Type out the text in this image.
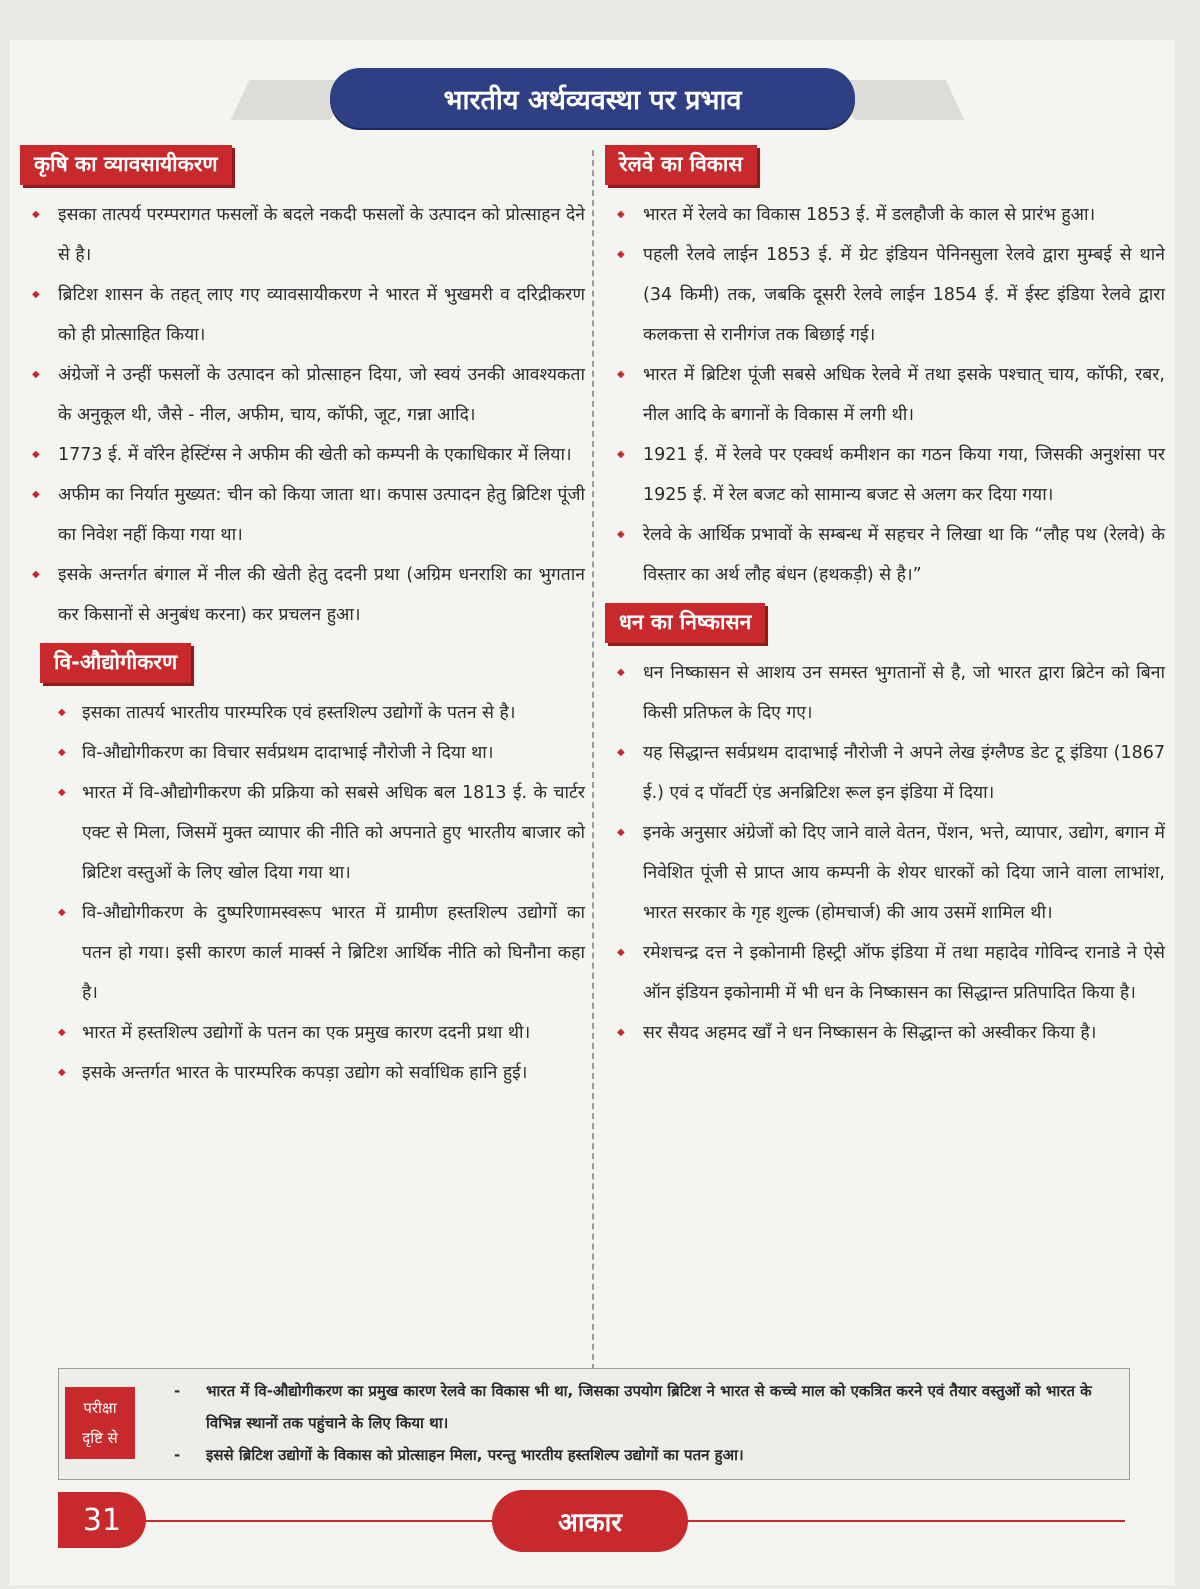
भारतीय अर्थव्यवस्था पर प्रभाव
कृषि का व्यावसायीकरण
◆ इसका तात्पर्य परम्परागत फसलों के बदले नकदी फसलों के उत्पादन को प्रोत्साहन देने से है।
◆ ब्रिटिश शासन के तहत् लाए गए व्यावसायीकरण ने भारत में भुखमरी व दरिद्रीकरण को ही प्रोत्साहित किया।
◆ अंग्रेजों ने उन्हीं फसलों के उत्पादन को प्रोत्साहन दिया, जो स्वयं उनकी आवश्यकता के अनुकूल थी, जैसे - नील, अफीम, चाय, कॉफी, जूट, गन्ना आदि।
◆ 1773 ई. में वॉरेन हेस्टिंग्स ने अफीम की खेती को कम्पनी के एकाधिकार में लिया।
◆ अफीम का निर्यात मुख्यत: चीन को किया जाता था। कपास उत्पादन हेतु ब्रिटिश पूंजी का निवेश नहीं किया गया था।
◆ इसके अन्तर्गत बंगाल में नील की खेती हेतु ददनी प्रथा (अग्रिम धनराशि का भुगतान कर किसानों से अनुबंध करना) कर प्रचलन हुआ।
वि-औद्योगीकरण
◆ इसका तात्पर्य भारतीय पारम्परिक एवं हस्तशिल्प उद्योगों के पतन से है।
◆ वि-औद्योगीकरण का विचार सर्वप्रथम दादाभाई नौरोजी ने दिया था।
◆ भारत में वि-औद्योगीकरण की प्रक्रिया को सबसे अधिक बल 1813 ई. के चार्टर एक्ट से मिला, जिसमें मुक्त व्यापार की नीति को अपनाते हुए भारतीय बाजार को ब्रिटिश वस्तुओं के लिए खोल दिया गया था।
◆ वि-औद्योगीकरण के दुष्परिणामस्वरूप भारत में ग्रामीण हस्तशिल्प उद्योगों का पतन हो गया। इसी कारण कार्ल मार्क्स ने ब्रिटिश आर्थिक नीति को घिनौना कहा है।
◆ भारत में हस्तशिल्प उद्योगों के पतन का एक प्रमुख कारण ददनी प्रथा थी।
◆ इसके अन्तर्गत भारत के पारम्परिक कपड़ा उद्योग को सर्वाधिक हानि हुई।
रेलवे का विकास
◆ भारत में रेलवे का विकास 1853 ई. में डलहौजी के काल से प्रारंभ हुआ।
◆ पहली रेलवे लाईन 1853 ई. में ग्रेट इंडियन पेनिनसुला रेलवे द्वारा मुम्बई से थाने (34 किमी) तक, जबकि दूसरी रेलवे लाईन 1854 ई. में ईस्ट इंडिया रेलवे द्वारा कलकत्ता से रानीगंज तक बिछाई गई।
◆ भारत में ब्रिटिश पूंजी सबसे अधिक रेलवे में तथा इसके पश्चात् चाय, कॉफी, रबर, नील आदि के बगानों के विकास में लगी थी।
◆ 1921 ई. में रेलवे पर एक्वर्थ कमीशन का गठन किया गया, जिसकी अनुशंसा पर 1925 ई. में रेल बजट को सामान्य बजट से अलग कर दिया गया।
◆ रेलवे के आर्थिक प्रभावों के सम्बन्ध में सहचर ने लिखा था कि “लौह पथ (रेलवे) के विस्तार का अर्थ लौह बंधन (हथकड़ी) से है।”
धन का निष्कासन
◆ धन निष्कासन से आशय उन समस्त भुगतानों से है, जो भारत द्वारा ब्रिटेन को बिना किसी प्रतिफल के दिए गए।
◆ यह सिद्धान्त सर्वप्रथम दादाभाई नौरोजी ने अपने लेख इंग्लैण्ड डेट टू इंडिया (1867 ई.) एवं द पॉवर्टी एंड अनब्रिटिश रूल इन इंडिया में दिया।
◆ इनके अनुसार अंग्रेजों को दिए जाने वाले वेतन, पेंशन, भत्ते, व्यापार, उद्योग, बगान में निवेशित पूंजी से प्राप्त आय कम्पनी के शेयर धारकों को दिया जाने वाला लाभांश, भारत सरकार के गृह शुल्क (होमचार्ज) की आय उसमें शामिल थी।
◆ रमेशचन्द्र दत्त ने इकोनामी हिस्ट्री ऑफ इंडिया में तथा महादेव गोविन्द रानाडे ने ऐसे ऑन इंडियन इकोनामी में भी धन के निष्कासन का सिद्धान्त प्रतिपादित किया है।
◆ सर सैयद अहमद खाँ ने धन निष्कासन के सिद्धान्त को अस्वीकर किया है।
परीक्षा
दृष्टि से
- भारत में वि-औद्योगीकरण का प्रमुख कारण रेलवे का विकास भी था, जिसका उपयोग ब्रिटिश ने भारत से कच्चे माल को एकत्रित करने एवं तैयार वस्तुओं को भारत के विभिन्न स्थानों तक पहुंचाने के लिए किया था।
- इससे ब्रिटिश उद्योगों के विकास को प्रोत्साहन मिला, परन्तु भारतीय हस्तशिल्प उद्योगों का पतन हुआ।
31	आकार
